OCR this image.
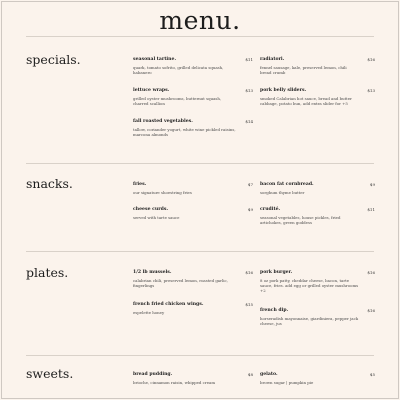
menu.
specials.	seasonal tartine.	$11
quark, tomato sofrito, grilled delicata squash, habanero
radiatori.	$16
fennel sausage, kale, preserved lemon, chili bread crumb
lettuce wraps.	$13
grilled oyster mushrooms, butternut squash, charred scallion
pork belly sliders.	$13
smoked Calabrian hot sauce, bread and butter cabbage, potato bun, add extra slider for +5
fall roasted vegetables.	$14
tallow, coriander yogurt, white wine pickled raisins, marcona almonds
snacks.	fries.	$7
our signature shoestring fries
bacon fat cornbread.	$9
sorghum thyme butter
cheese curds.	$9
served with tarte sauce
crudité.	$11
seasonal vegetables, house pickles, fried artichokes, green goddess
plates.	1/2 lb mussels.	$16
calabrian chili, preserved lemon, roasted garlic, fingerlings
pork burger.	$16
8 oz pork patty, cheddar cheese, bacon, tarte sauce, fries. add egg or grilled oyster mushrooms +2
french fried chicken wings.	$15
espelette honey	french dip.	$16
horseradish mayonnaise, giardiniera, pepper jack cheese, jus
sweets.	bread pudding.	$8
brioche, cinnamon raisin, whipped cream
gelato.	$5
brown sugar | pumpkin pie
